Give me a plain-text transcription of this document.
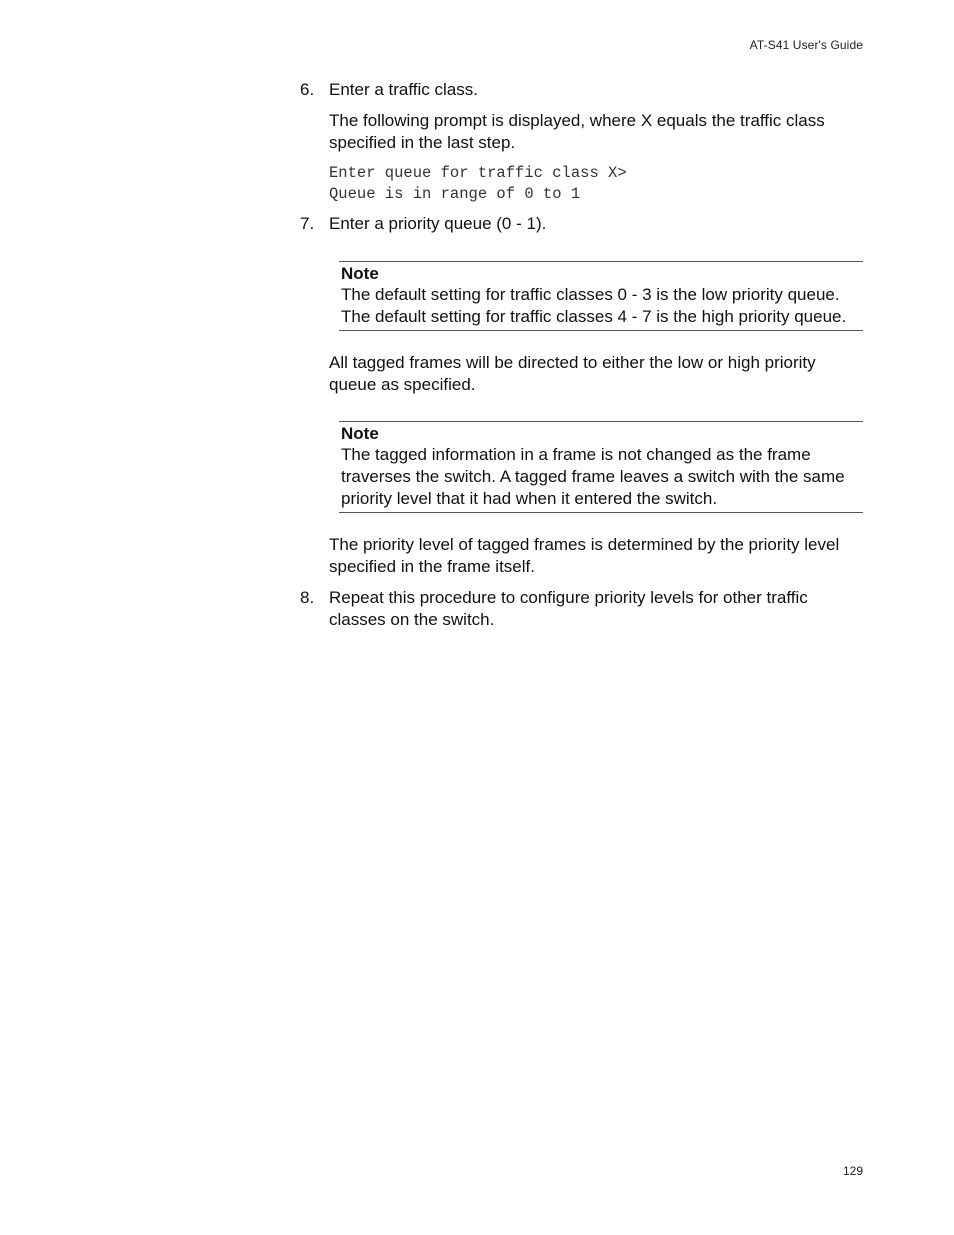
AT-S41 User's Guide
6. Enter a traffic class.
The following prompt is displayed, where X equals the traffic class specified in the last step.
Enter queue for traffic class X>
Queue is in range of 0 to 1
7. Enter a priority queue (0 - 1).
Note
The default setting for traffic classes 0 - 3 is the low priority queue.
The default setting for traffic classes 4 - 7 is the high priority queue.
All tagged frames will be directed to either the low or high priority queue as specified.
Note
The tagged information in a frame is not changed as the frame traverses the switch. A tagged frame leaves a switch with the same priority level that it had when it entered the switch.
The priority level of tagged frames is determined by the priority level specified in the frame itself.
8. Repeat this procedure to configure priority levels for other traffic classes on the switch.
129
